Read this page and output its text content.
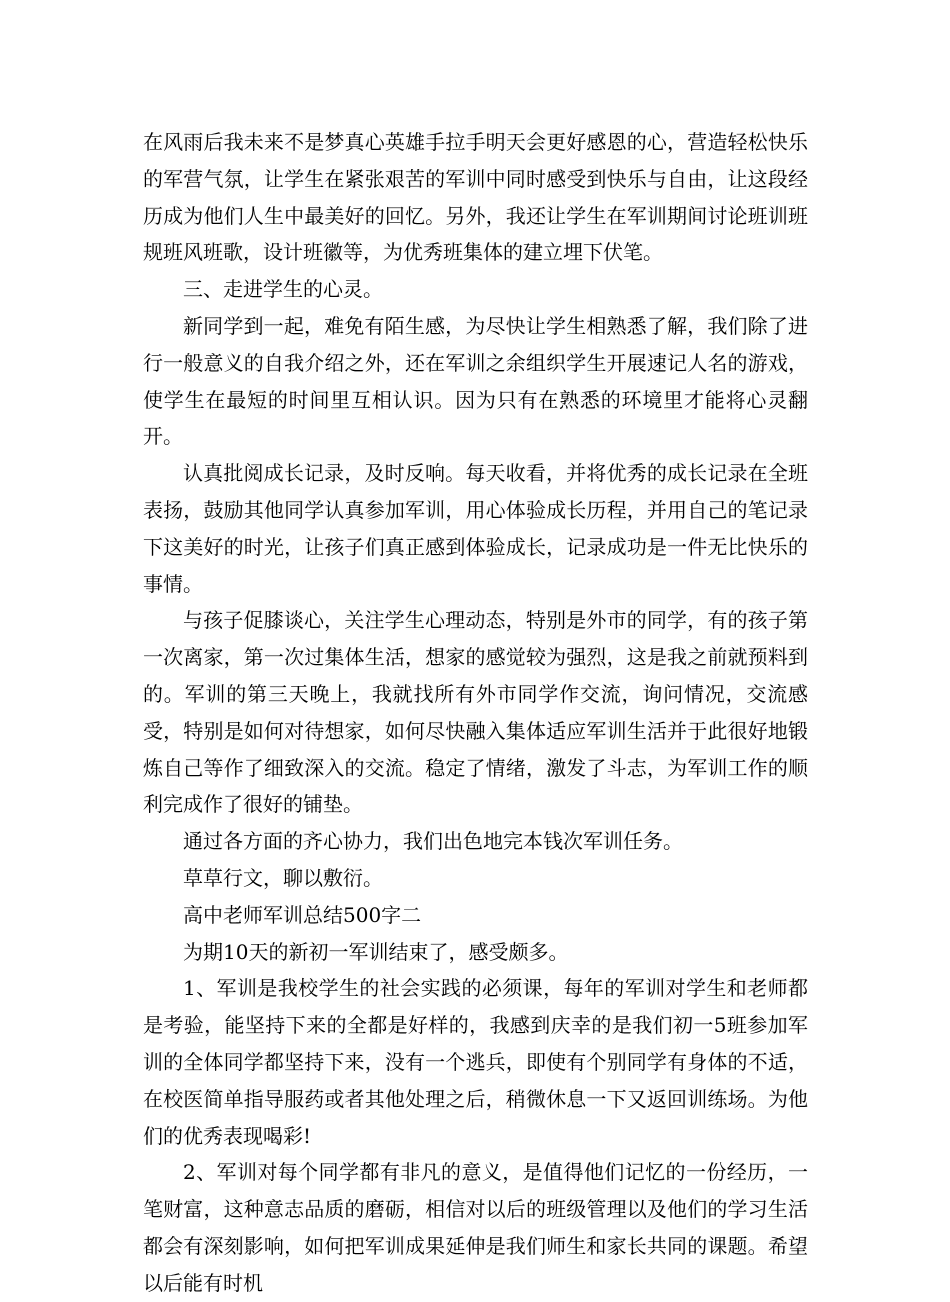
在风雨后我未来不是梦真心英雄手拉手明天会更好感恩的心，营造轻松快乐的军营气氛，让学生在紧张艰苦的军训中同时感受到快乐与自由，让这段经历成为他们人生中最美好的回忆。另外，我还让学生在军训期间讨论班训班规班风班歌，设计班徽等，为优秀班集体的建立埋下伏笔。

三、走进学生的心灵。

新同学到一起，难免有陌生感，为尽快让学生相熟悉了解，我们除了进行一般意义的自我介绍之外，还在军训之余组织学生开展速记人名的游戏，使学生在最短的时间里互相认识。因为只有在熟悉的环境里才能将心灵翻开。

认真批阅成长记录，及时反响。每天收看，并将优秀的成长记录在全班表扬，鼓励其他同学认真参加军训，用心体验成长历程，并用自己的笔记录下这美好的时光，让孩子们真正感到体验成长，记录成功是一件无比快乐的事情。

与孩子促膝谈心，关注学生心理动态，特别是外市的同学，有的孩子第一次离家，第一次过集体生活，想家的感觉较为强烈，这是我之前就预料到的。军训的第三天晚上，我就找所有外市同学作交流，询问情况，交流感受，特别是如何对待想家，如何尽快融入集体适应军训生活并于此很好地锻炼自己等作了细致深入的交流。稳定了情绪，激发了斗志，为军训工作的顺利完成作了很好的铺垫。

通过各方面的齐心协力，我们出色地完本钱次军训任务。

草草行文，聊以敷衍。

高中老师军训总结500字二

为期10天的新初一军训结束了，感受颇多。

1、军训是我校学生的社会实践的必须课，每年的军训对学生和老师都是考验，能坚持下来的全都是好样的，我感到庆幸的是我们初一5班参加军训的全体同学都坚持下来，没有一个逃兵，即使有个别同学有身体的不适，在校医简单指导服药或者其他处理之后，稍微休息一下又返回训练场。为他们的优秀表现喝彩!

2、军训对每个同学都有非凡的意义，是值得他们记忆的一份经历，一笔财富，这种意志品质的磨砺，相信对以后的班级管理以及他们的学习生活都会有深刻影响，如何把军训成果延伸是我们师生和家长共同的课题。希望以后能有时机
